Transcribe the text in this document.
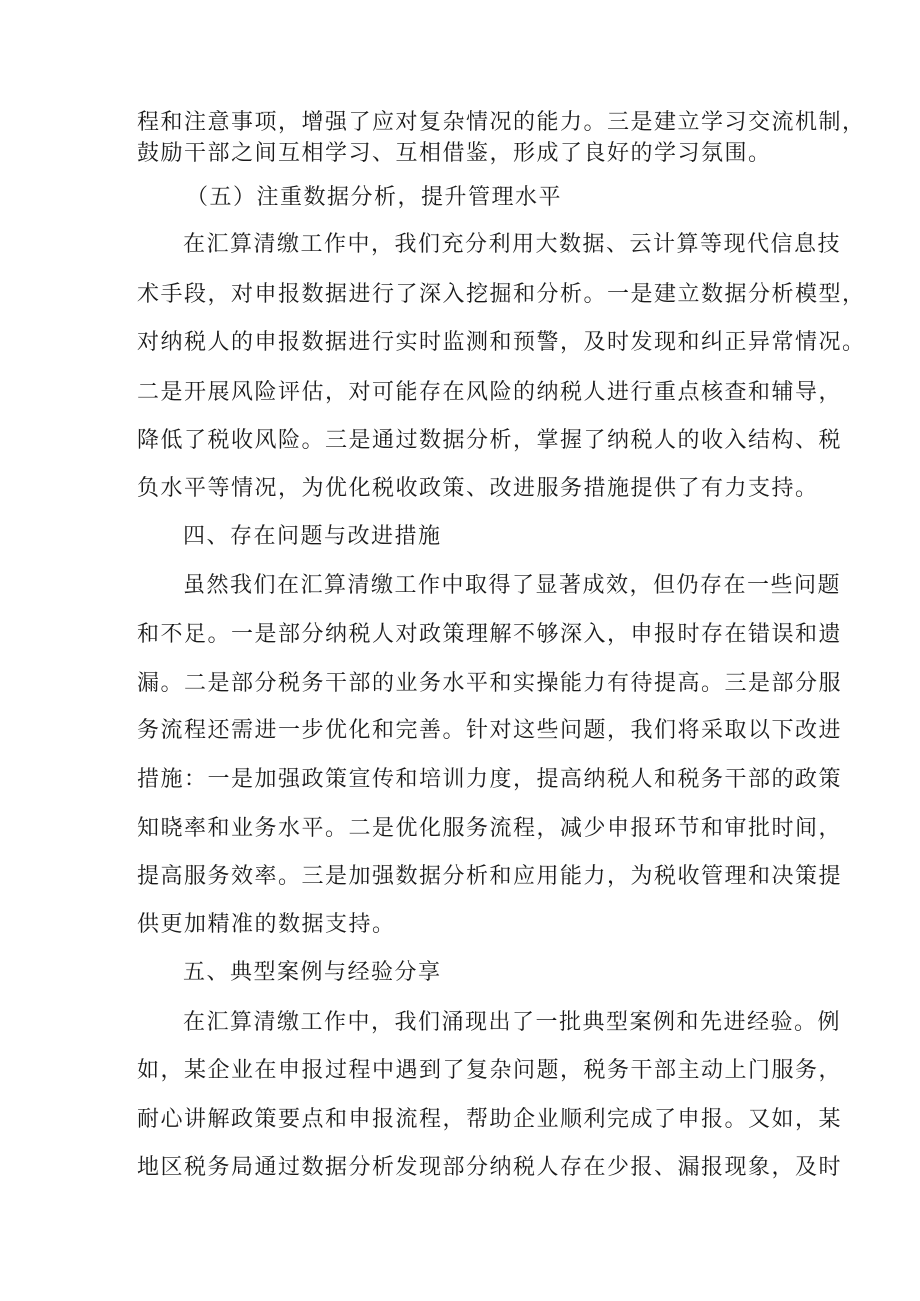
程和注意事项，增强了应对复杂情况的能力。三是建立学习交流机制，
鼓励干部之间互相学习、互相借鉴，形成了良好的学习氛围。
（五）注重数据分析，提升管理水平
在汇算清缴工作中，我们充分利用大数据、云计算等现代信息技
术手段，对申报数据进行了深入挖掘和分析。一是建立数据分析模型，
对纳税人的申报数据进行实时监测和预警，及时发现和纠正异常情况。
二是开展风险评估，对可能存在风险的纳税人进行重点核查和辅导，
降低了税收风险。三是通过数据分析，掌握了纳税人的收入结构、税
负水平等情况，为优化税收政策、改进服务措施提供了有力支持。
四、存在问题与改进措施
虽然我们在汇算清缴工作中取得了显著成效，但仍存在一些问题
和不足。一是部分纳税人对政策理解不够深入，申报时存在错误和遗
漏。二是部分税务干部的业务水平和实操能力有待提高。三是部分服
务流程还需进一步优化和完善。针对这些问题，我们将采取以下改进
措施：一是加强政策宣传和培训力度，提高纳税人和税务干部的政策
知晓率和业务水平。二是优化服务流程，减少申报环节和审批时间，
提高服务效率。三是加强数据分析和应用能力，为税收管理和决策提
供更加精准的数据支持。
五、典型案例与经验分享
在汇算清缴工作中，我们涌现出了一批典型案例和先进经验。例
如，某企业在申报过程中遇到了复杂问题，税务干部主动上门服务，
耐心讲解政策要点和申报流程，帮助企业顺利完成了申报。又如，某
地区税务局通过数据分析发现部分纳税人存在少报、漏报现象，及时
